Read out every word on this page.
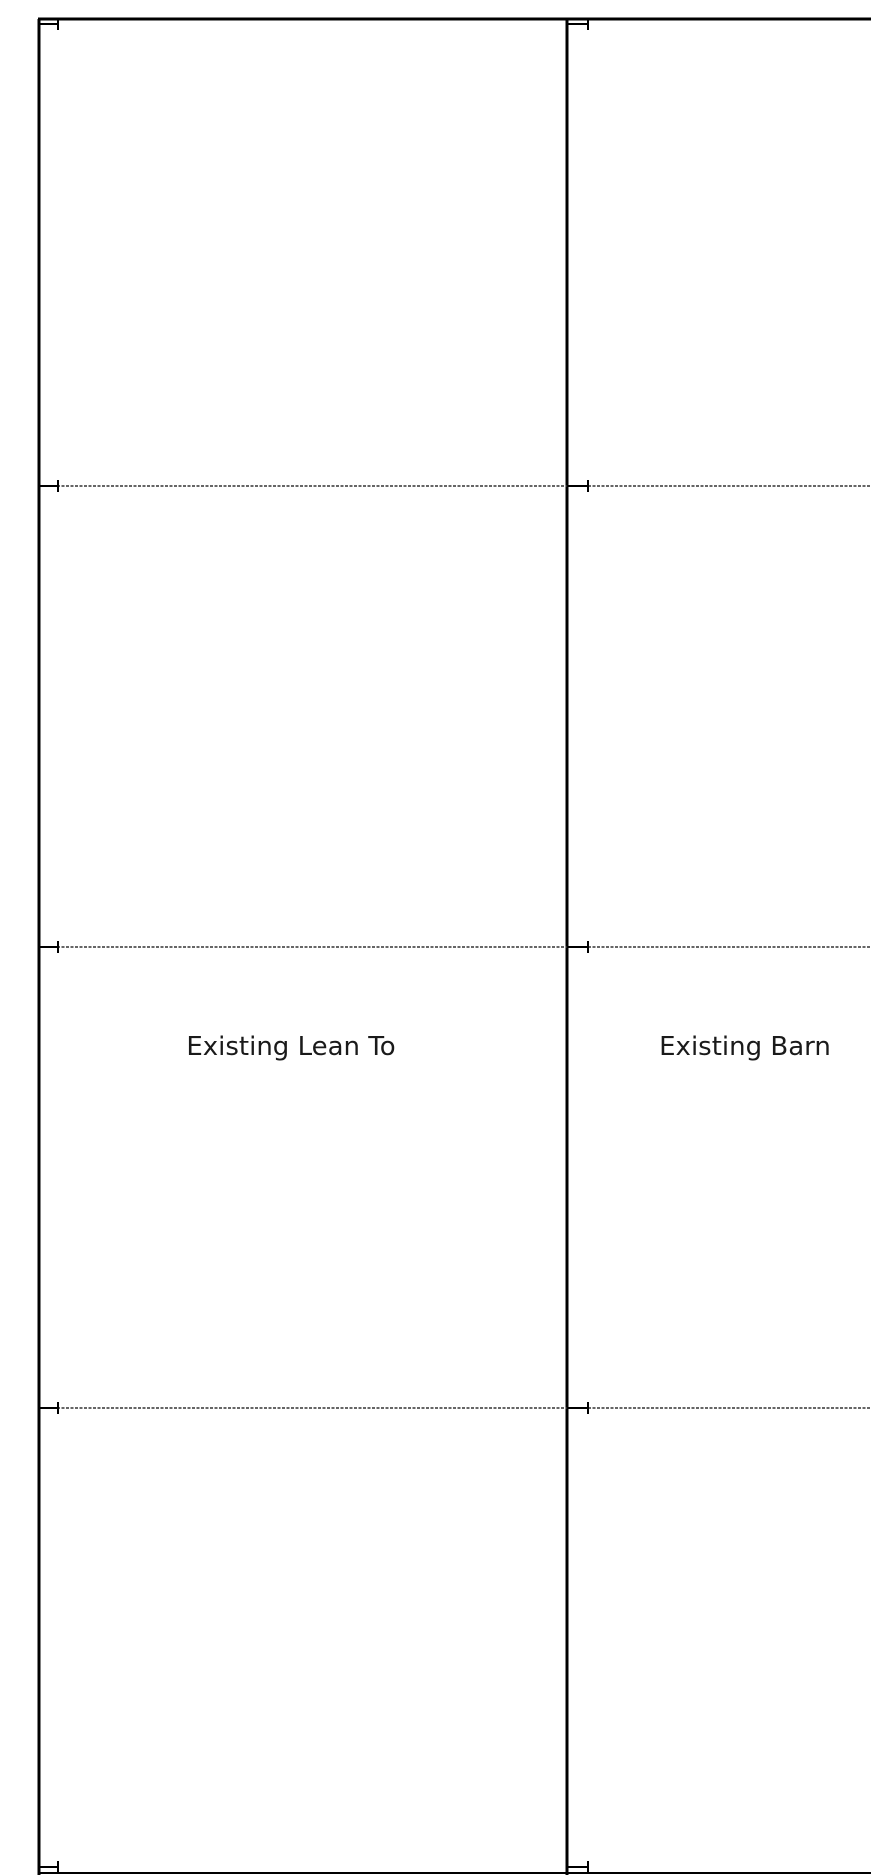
Existing Lean To	Existing Barn
